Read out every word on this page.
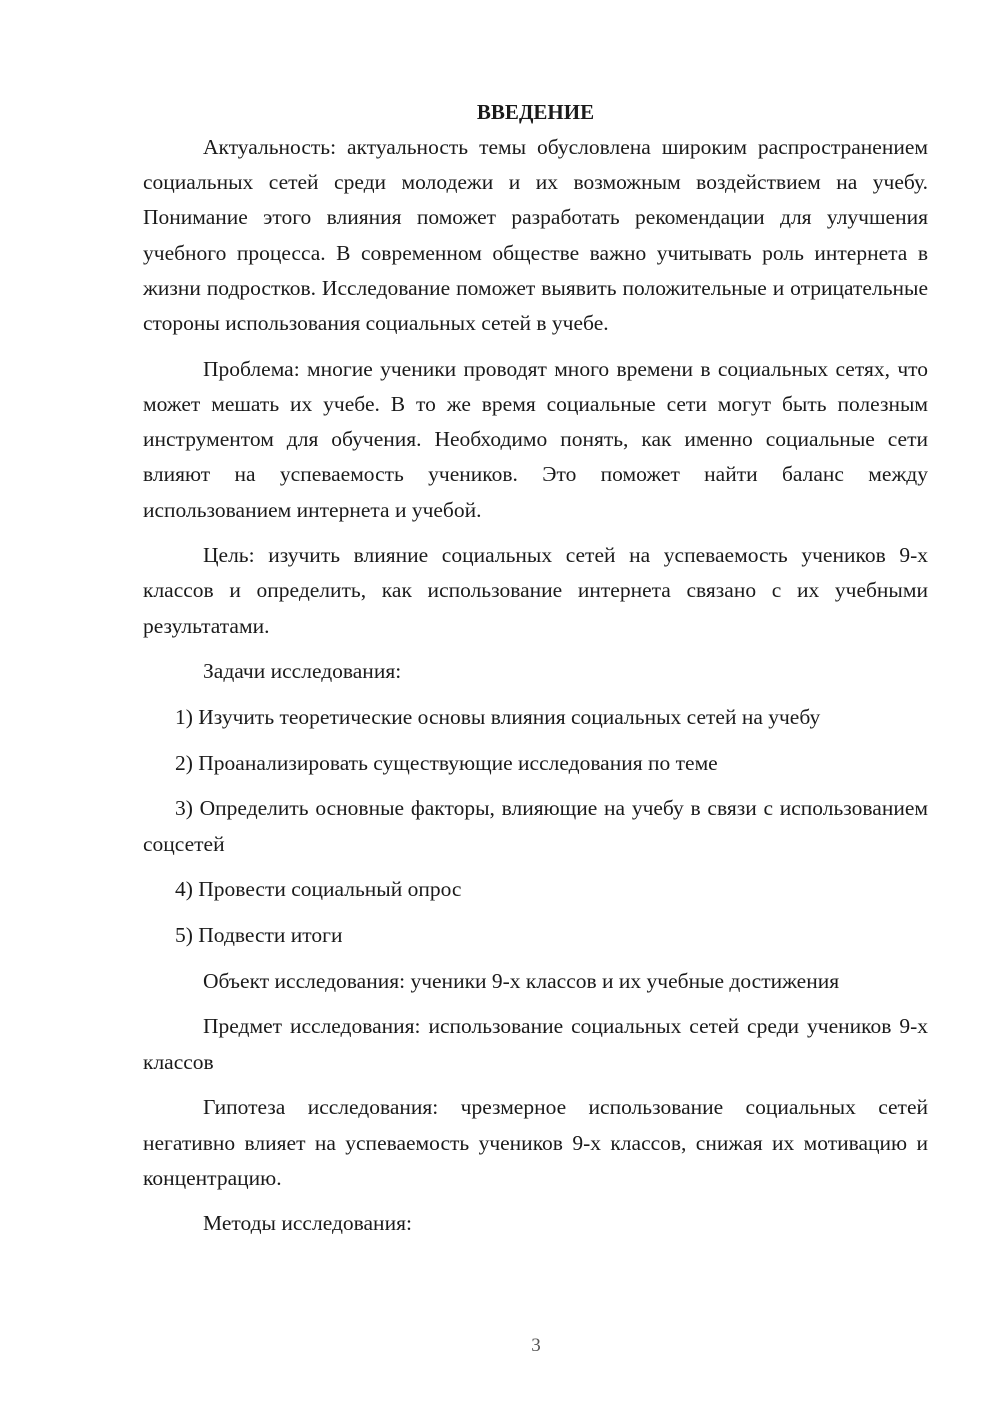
ВВЕДЕНИЕ

Актуальность: актуальность темы обусловлена широким распространением социальных сетей среди молодежи и их возможным воздействием на учебу. Понимание этого влияния поможет разработать рекомендации для улучшения учебного процесса. В современном обществе важно учитывать роль интернета в жизни подростков. Исследование поможет выявить положительные и отрицательные стороны использования социальных сетей в учебе.

Проблема: многие ученики проводят много времени в социальных сетях, что может мешать их учебе. В то же время социальные сети могут быть полезным инструментом для обучения. Необходимо понять, как именно социальные сети влияют на успеваемость учеников. Это поможет найти баланс между использованием интернета и учебой.

Цель: изучить влияние социальных сетей на успеваемость учеников 9-х классов и определить, как использование интернета связано с их учебными результатами.

Задачи исследования:

1) Изучить теоретические основы влияния социальных сетей на учебу

2) Проанализировать существующие исследования по теме

3) Определить основные факторы, влияющие на учебу в связи с использованием соцсетей

4) Провести социальный опрос

5) Подвести итоги

Объект исследования: ученики 9-х классов и их учебные достижения

Предмет исследования: использование социальных сетей среди учеников 9-х классов

Гипотеза исследования: чрезмерное использование социальных сетей негативно влияет на успеваемость учеников 9-х классов, снижая их мотивацию и концентрацию.

Методы исследования:

3
